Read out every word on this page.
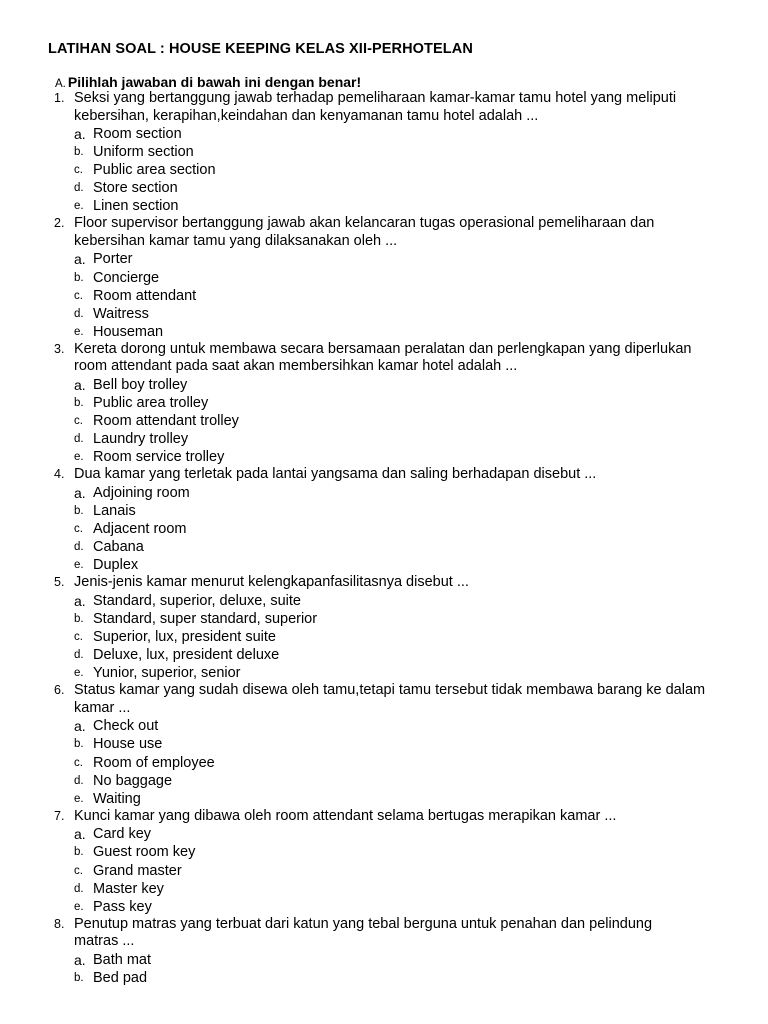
LATIHAN SOAL : HOUSE KEEPING KELAS XII-PERHOTELAN
A. Pilihlah jawaban di bawah ini dengan benar!
1. Seksi yang bertanggung jawab terhadap pemeliharaan kamar-kamar tamu hotel yang meliputi
kebersihan, kerapihan,keindahan dan kenyamanan tamu hotel adalah ...
a. Room section
b. Uniform section
c. Public area section
d. Store section
e. Linen section
2. Floor supervisor bertanggung jawab akan kelancaran tugas operasional pemeliharaan dan
kebersihan kamar tamu yang dilaksanakan oleh ...
a. Porter
b. Concierge
c. Room attendant
d. Waitress
e. Houseman
3. Kereta dorong untuk membawa secara bersamaan peralatan dan perlengkapan yang diperlukan
room attendant pada saat akan membersihkan kamar hotel adalah ...
a. Bell boy trolley
b. Public area trolley
c. Room attendant trolley
d. Laundry trolley
e. Room service trolley
4. Dua kamar yang terletak pada lantai yangsama dan saling berhadapan disebut ...
a. Adjoining room
b. Lanais
c. Adjacent room
d. Cabana
e. Duplex
5. Jenis-jenis kamar menurut kelengkapanfasilitasnya disebut ...
a. Standard, superior, deluxe, suite
b. Standard, super standard, superior
c. Superior, lux, president suite
d. Deluxe, lux, president deluxe
e. Yunior, superior, senior
6. Status kamar yang sudah disewa oleh tamu,tetapi tamu tersebut tidak membawa barang ke dalam
kamar ...
a. Check out
b. House use
c. Room of employee
d. No baggage
e. Waiting
7. Kunci kamar yang dibawa oleh room attendant selama bertugas merapikan kamar ...
a. Card key
b. Guest room key
c. Grand master
d. Master key
e. Pass key
8. Penutup matras yang terbuat dari katun yang tebal berguna untuk penahan dan pelindung
matras ...
a. Bath mat
b. Bed pad
